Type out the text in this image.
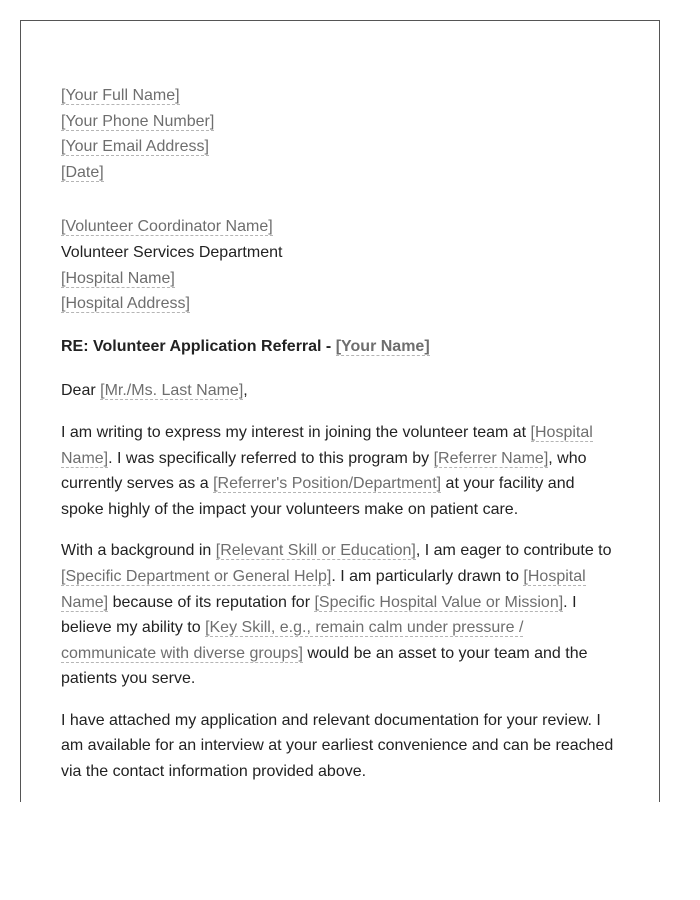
[Your Full Name]
[Your Phone Number]
[Your Email Address]
[Date]
[Volunteer Coordinator Name]
Volunteer Services Department
[Hospital Name]
[Hospital Address]
RE: Volunteer Application Referral - [Your Name]
Dear [Mr./Ms. Last Name],

I am writing to express my interest in joining the volunteer team at [Hospital Name]. I was specifically referred to this program by [Referrer Name], who currently serves as a [Referrer's Position/Department] at your facility and spoke highly of the impact your volunteers make on patient care.

With a background in [Relevant Skill or Education], I am eager to contribute to [Specific Department or General Help]. I am particularly drawn to [Hospital Name] because of its reputation for [Specific Hospital Value or Mission]. I believe my ability to [Key Skill, e.g., remain calm under pressure / communicate with diverse groups] would be an asset to your team and the patients you serve.

I have attached my application and relevant documentation for your review. I am available for an interview at your earliest convenience and can be reached via the contact information provided above.
